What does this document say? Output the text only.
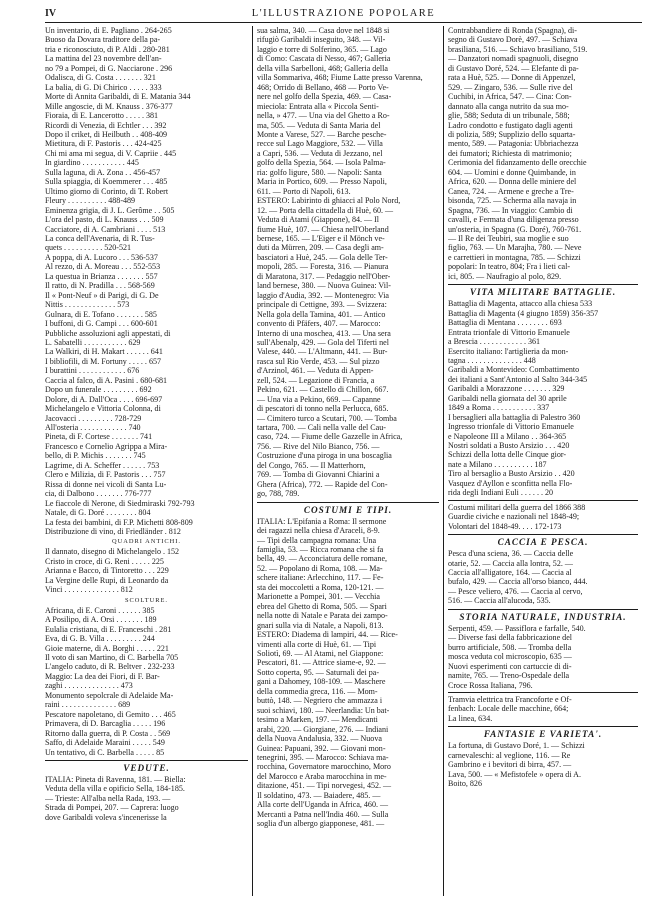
IV	L'ILLUSTRAZIONE POPOLARE
Un inventario, di E. Pagliano . 264-265
Buoso da Dovara traditore della pa-
tria e riconosciuto, di P. Aldi . 280-281
La mattina del 23 novembre dell'an-
no 79 a Pompei, di G. Nacciarone . 296
Odalisca, di G. Costa . . . . . . . 321
La balia, di G. Di Chirico . . . . . 333
Morte di Annita Garibaldi, di E. Matania 344
Mille angoscie, di M. Knauss . 376-377
Fioraia, di E. Lancerotto . . . . . 381
Ricordi di Venezia, di Echtler . . . 392
Dopo il criket, di Heilbuth . . 408-409
Mietitura, di F. Pastoris . . . 424-425
Chi mi ama mi segua, di V. Capriie . 445
In giardino . . . . . . . . . . . 445
Sulla laguna, di A. Zona . . 456-457
Sulla spiaggia, di Koemmerer . . . 485
Ultimo giorno di Corinto, di T. Robert
Fleury . . . . . . . . . . 488-489
Eminenza grigia, di J. L. Gerôme . . 505
L'ora del pasto, di L. Knauss . . . 509
Cacciatore, di A. Cambriani . . . . 513
La conca dell'Avenaria, di R. Tus-
quets . . . . . . . . . . 520-521
A poppa, di A. Lucoro . . . 536-537
Al rezzo, di A. Moreau . . . 552-553
La questua in Brianza . . . . . . . 557
Il ratto, di N. Pradilla . . . 568-569
Il « Pont-Neuf » di Parigi, di G. De
Nittis . . . . . . . . . . . . . 573
Gulnara, di E. Tofano . . . . . . . 585
I buffoni, di G. Campi . . . 600-601
Pubbliche assoluzioni agli appestati, di
L. Sabatelli . . . . . . . . . . . 629
La Walkiri, di H. Makart . . . . . . 641
I bibliofili, di M. Fortuny . . . . . 657
I burattini . . . . . . . . . . . . 676
Caccia al falco, di A. Pasini . 680-681
Dopo un funerale . . . . . . . . . 692
Dolore, di A. Dall'Oca . . . . 696-697
Michelangelo e Vittoria Colonna, di
Jacovacci . . . . . . . . . 728-729
All'osteria . . . . . . . . . . . . 740
Pineta, di F. Cortese . . . . . . . 741
Francesco e Cornelio Agrippa a Mira-
bello, di P. Michis . . . . . . . 745
Lagrime, di A. Scheffer . . . . . . 753
Clero e Milizia, di F. Pastoris . . . 757
Rissa di donne nei vicoli di Santa Lu-
cia, di Dalbono . . . . . . . 776-777
Le fiaccole di Nerone, di Siedmiraski 792-793
Natale, di G. Doré . . . . . . . . 804
La festa dei bambini, di F.P. Michetti 808-809
Distribuzione di vino, di Friedländer . 812
QUADRI ANTICHI.
Il dannato, disegno di Michelangelo . 152
Cristo in croce, di G. Reni . . . . . 225
Arianna e Bacco, di Tintoretto . . . 229
La Vergine delle Rupi, di Leonardo da
Vinci . . . . . . . . . . . . . . 812
SCOLTURE.
Africana, di E. Caroni . . . . . . 385
A Posilipo, di A. Orsi . . . . . . . 189
Eulalia cristiana, di E. Franceschi . 281
Eva, di G. B. Villa . . . . . . . . . 244
Gioie materne, di A. Borghi . . . . . 221
Il voto di san Martino, di C. Barbella 705
L'angelo caduto, di R. Beltver . 232-233
Maggio: La dea dei Fiori, di F. Bar-
zaghi . . . . . . . . . . . . . . 473
Monumento sepolcrale di Adelaide Ma-
raini . . . . . . . . . . . . . . 689
Pescatore napoletano, di Gemito . . . 465
Primavera, di D. Barcaglia . . . . . 196
Ritorno dalla guerra, di P. Costa . . 569
Saffo, di Adelaide Maraini . . . . . 549
Un tentativo, di C. Barbella . . . . . 85
VEDUTE.
ITALIA: Pineta di Ravenna, 181. — Biella:
Veduta della villa e opificio Sella, 184-185.
— Trieste: All'alba nella Rada, 193. —
Strada di Pompei, 207. — Caprera: luogo
dove Garibaldi voleva s'incenerisse la
sua salma, 340. — Casa dove nel 1848 si
rifugiò Garibaldi inseguito, 348. — Vil-
laggio e torre di Solferino, 365. — Lago
di Como: Cascata di Nesso, 467; Galleria
della villa Sarbelloni, 468; Galleria della
villa Sommariva, 468; Fiume Latte presso Varenna,
468; Orrido di Bellano, 468 — Porto Ve-
nere nel golfo della Spezia, 469. — Casa-
mieciola: Entrata alla « Piccola Senti-
nella, » 477. — Una via del Ghetto a Ro-
ma, 505. — Veduta di Santa Maria del
Monte a Varese, 527. — Barche pesche-
recce sul Lago Maggiore, 532. — Villa
a Capri, 536. — Veduta di Jezzano, nel
golfo della Spezia, 564. — Isola Palma-
ria: golfo ligure, 580. — Napoli: Santa
Maria in Portico, 609. — Presso Napoli,
611. — Porto di Napoli, 613.
ESTERO: Labirinto di ghiacci al Polo Nord,
12. — Porta della cittadella di Huè, 60. —
Veduta di Atami (Giappone), 84. — Il
fiume Huè, 107. — Chiesa nell'Oberland
bernese, 165. — L'Eiger e il Mönch ve-
duti da Mürren, 209. — Casa degli am-
basciatori a Huè, 245. — Gola delle Ter-
mopoli, 285. — Foresta, 316. — Pianura
di Maratona, 317. — Pedaggio nell'Ober-
land bernese, 380. — Nuova Guinea: Vil-
laggio d'Audia, 392. — Montenegro: Via
principale di Cettigne, 393. — Svizzera:
Nella gola della Tamina, 401. — Antico
convento di Pfäfers, 407. — Marocco:
Interno di una moschea, 413. — Una sera
sull'Abenalp, 429. — Gola del Tiferti nel
Valese, 440. — L'Altmann, 441. — Bur-
rasca sul Rio Verde, 453. — Sul pizzo
d'Arzinol, 461. — Veduta di Appen-
zell, 524. — Legazione di Francia, a
Pekino, 621. — Castello di Chillon, 667.
— Una via a Pekino, 669. — Capanne
di pescatori di tonno nella Perlucca, 685.
— Cimitero turco a Scutari, 700. — Tomba
tartara, 700. — Cali nella valle del Cau-
caso, 724. — Fiume delle Gazzelle in Africa,
756. — Rive del Nilo Bianco, 756. —
Costruzione d'una piroga in una boscaglia
del Congo, 765. — Il Matterhorn,
769. — Tomba di Giovanni Chiarini a
Ghera (Africa), 772. — Rapide del Con-
go, 788, 789.
COSTUMI E TIPI.
ITALIA: L'Epifania a Roma: Il sermone
dei ragazzi nella chiesa d'Araceli, 8-9.
— Tipi della campagna romana: Una
famiglia, 53. — Ricca romana che si fa
bella, 49. — Acconciatura delle romane,
52. — Popolano di Roma, 108. — Ma-
schere italiane: Arlecchino, 117. — Fe-
sta dei moccoletti a Roma, 120-121. —
Marionette a Pompei, 301. — Vecchia
ebrea del Ghetto di Roma, 505. — Spari
nella notte di Natale e Parata dei zampo-
gnari sulla via di Natale, a Napoli, 813.
ESTERO: Diadema di lampiri, 44. — Rice-
vimenti alla corte di Huè, 61. — Tipi
Soliotì, 69. — Al Atami, nel Giappone:
Pescatori, 81. — Attrice siame-e, 92. —
Sotto coperta, 95. — Saturnali dei pa-
gani a Dahomey, 108-109. — Maschere
della commedia greca, 116. — Mom-
buttò, 148. — Negriero che ammazza i
suoi schiavi, 180. — Neerlandia: Un bat-
tesimo a Marken, 197. — Mendicanti
arabi, 220. — Giorgiane, 276. — Indiani
della Nuova Andalusia, 332. — Nuova
Guinea: Papuani, 392. — Giovani mon-
tenegrini, 395. — Marocco: Schiava ma-
rocchina, Governatore marocchino, Moro
del Marocco e Araba marocchina in me-
ditazione, 451. — Tipi norvegesi, 452. —
Il soldatino, 473. — Baiadere, 485. —
Alla corte dell'Uganda in Africa, 460. —
Mercanti a Patna nell'India 460. — Sulla
soglia d'un albergo giapponese, 481. —
Contrabbandiere di Ronda (Spagna), di-
segno di Gustavo Dorè, 497. — Schiava
brasiliana, 516. — Schiavo brasiliano, 519.
— Danzatori nomadi spagnuoli, disegno
di Gustavo Doré, 524. — Elefante di pa-
rata a Huè, 525. — Donne di Appenzel,
529. — Zingaro, 536. — Sulle rive del
Cuchibi, in Africa, 547. — Cina: Con-
dannato alla canga nutrito da sua mo-
glie, 588; Seduta di un tribunale, 588;
Ladro condotto e fustigato dagli agenti
di polizia, 589; Supplizio dello squarta-
mento, 589. — Patagonia: Ubbriachezza
dei fumatori; Richiesta di matrimonio;
Cerimonia del fidanzamento delle orecchie
604. — Uomini e donne Quimbande, in
Africa, 620. — Donna delle miniere del
Canea, 724. — Armene e greche a Tre-
bisonda, 725. — Scherma alla navaja in
Spagna, 736. — In viaggio: Cambio di
cavalli, e Fermata d'una diligenza presso
un'osteria, in Spagna (G. Doré), 760-761.
— Il Re dei Teubiri, sua moglie e suo
figlio, 763. — Un Marajha, 780. — Neve
e carrettieri in montagna, 785. — Schizzi
popolari: In teatro, 804; Fra i lieti cal-
ici, 805. — Naufragio al polo, 829.
VITA MILITARE BATTAGLIE.
Battaglia di Magenta, attacco alla chiesa 533
Battaglia di Magenta (4 giugno 1859) 356-357
Battaglia di Mentana . . . . . . . . 693
Entrata trionfale di Vittorio Emanuele
a Brescia . . . . . . . . . . . . 361
Esercito italiano: l'artiglieria da mon-
tagna . . . . . . . . . . . . . . 448
Garibaldi a Montevideo: Combattimento
dei italiani a Sant'Antonio al Salto 344-345
Garibaldi a Morazzone . . . . . . . 329
Garibaldi nella giornata del 30 aprile
1849 a Roma . . . . . . . . . . . 337
I bersaglieri alla battaglia di Palestro 360
Ingresso trionfale di Vittorio Emanuele
e Napoleone III a Milano . . 364-365
Nostri soldati a Busto Arsizio . . . 420
Schizzi della lotta delle Cinque gior-
nate a Milano . . . . . . . . . . 187
Tiro al bersaglio a Busto Arsizio . . 420
Vasquez d'Ayllon e sconfitta nella Flo-
rida degli Indiani Euli . . . . . . 20
Costumi militari della guerra del 1866 388
Guardie civiche e nazionali nel 1848-49;
Volontari del 1848-49. . . . 172-173
CACCIA E PESCA.
Pesca d'una sciena, 36. — Caccia delle
otarie, 52. — Caccia alla lontra, 52. —
Caccia all'alligatore, 164. — Caccia al
bufalo, 429. — Caccia all'orso bianco, 444.
— Pesce veliero, 476. — Caccia al cervo,
516. — Caccia all'alucoda, 535.
STORIA NATURALE, INDUSTRIA.
Serpenti, 459. — Passiflora e farfalle, 540.
— Diverse fasi della fabbricazione del
burro artificiale, 508. — Tromba della
mosca veduta col microscopio, 635 —
Nuovi esperimenti con cartuccie di di-
namite, 765. — Treno-Ospedale della
Croce Rossa Italiana, 796.
Tramvia elettrica tra Francoforte e Of-
fenbach: Locale delle macchine, 664;
La linea, 634.
FANTASIE E VARIETA'.
La fortuna, di Gustavo Doré, 1. — Schizzi
carnevaleschi: al veglione, 116. — Re
Gambrino e i bevitori di birra, 457. —
Lava, 500. — « Mefistofele » opera di A.
Boito, 826
